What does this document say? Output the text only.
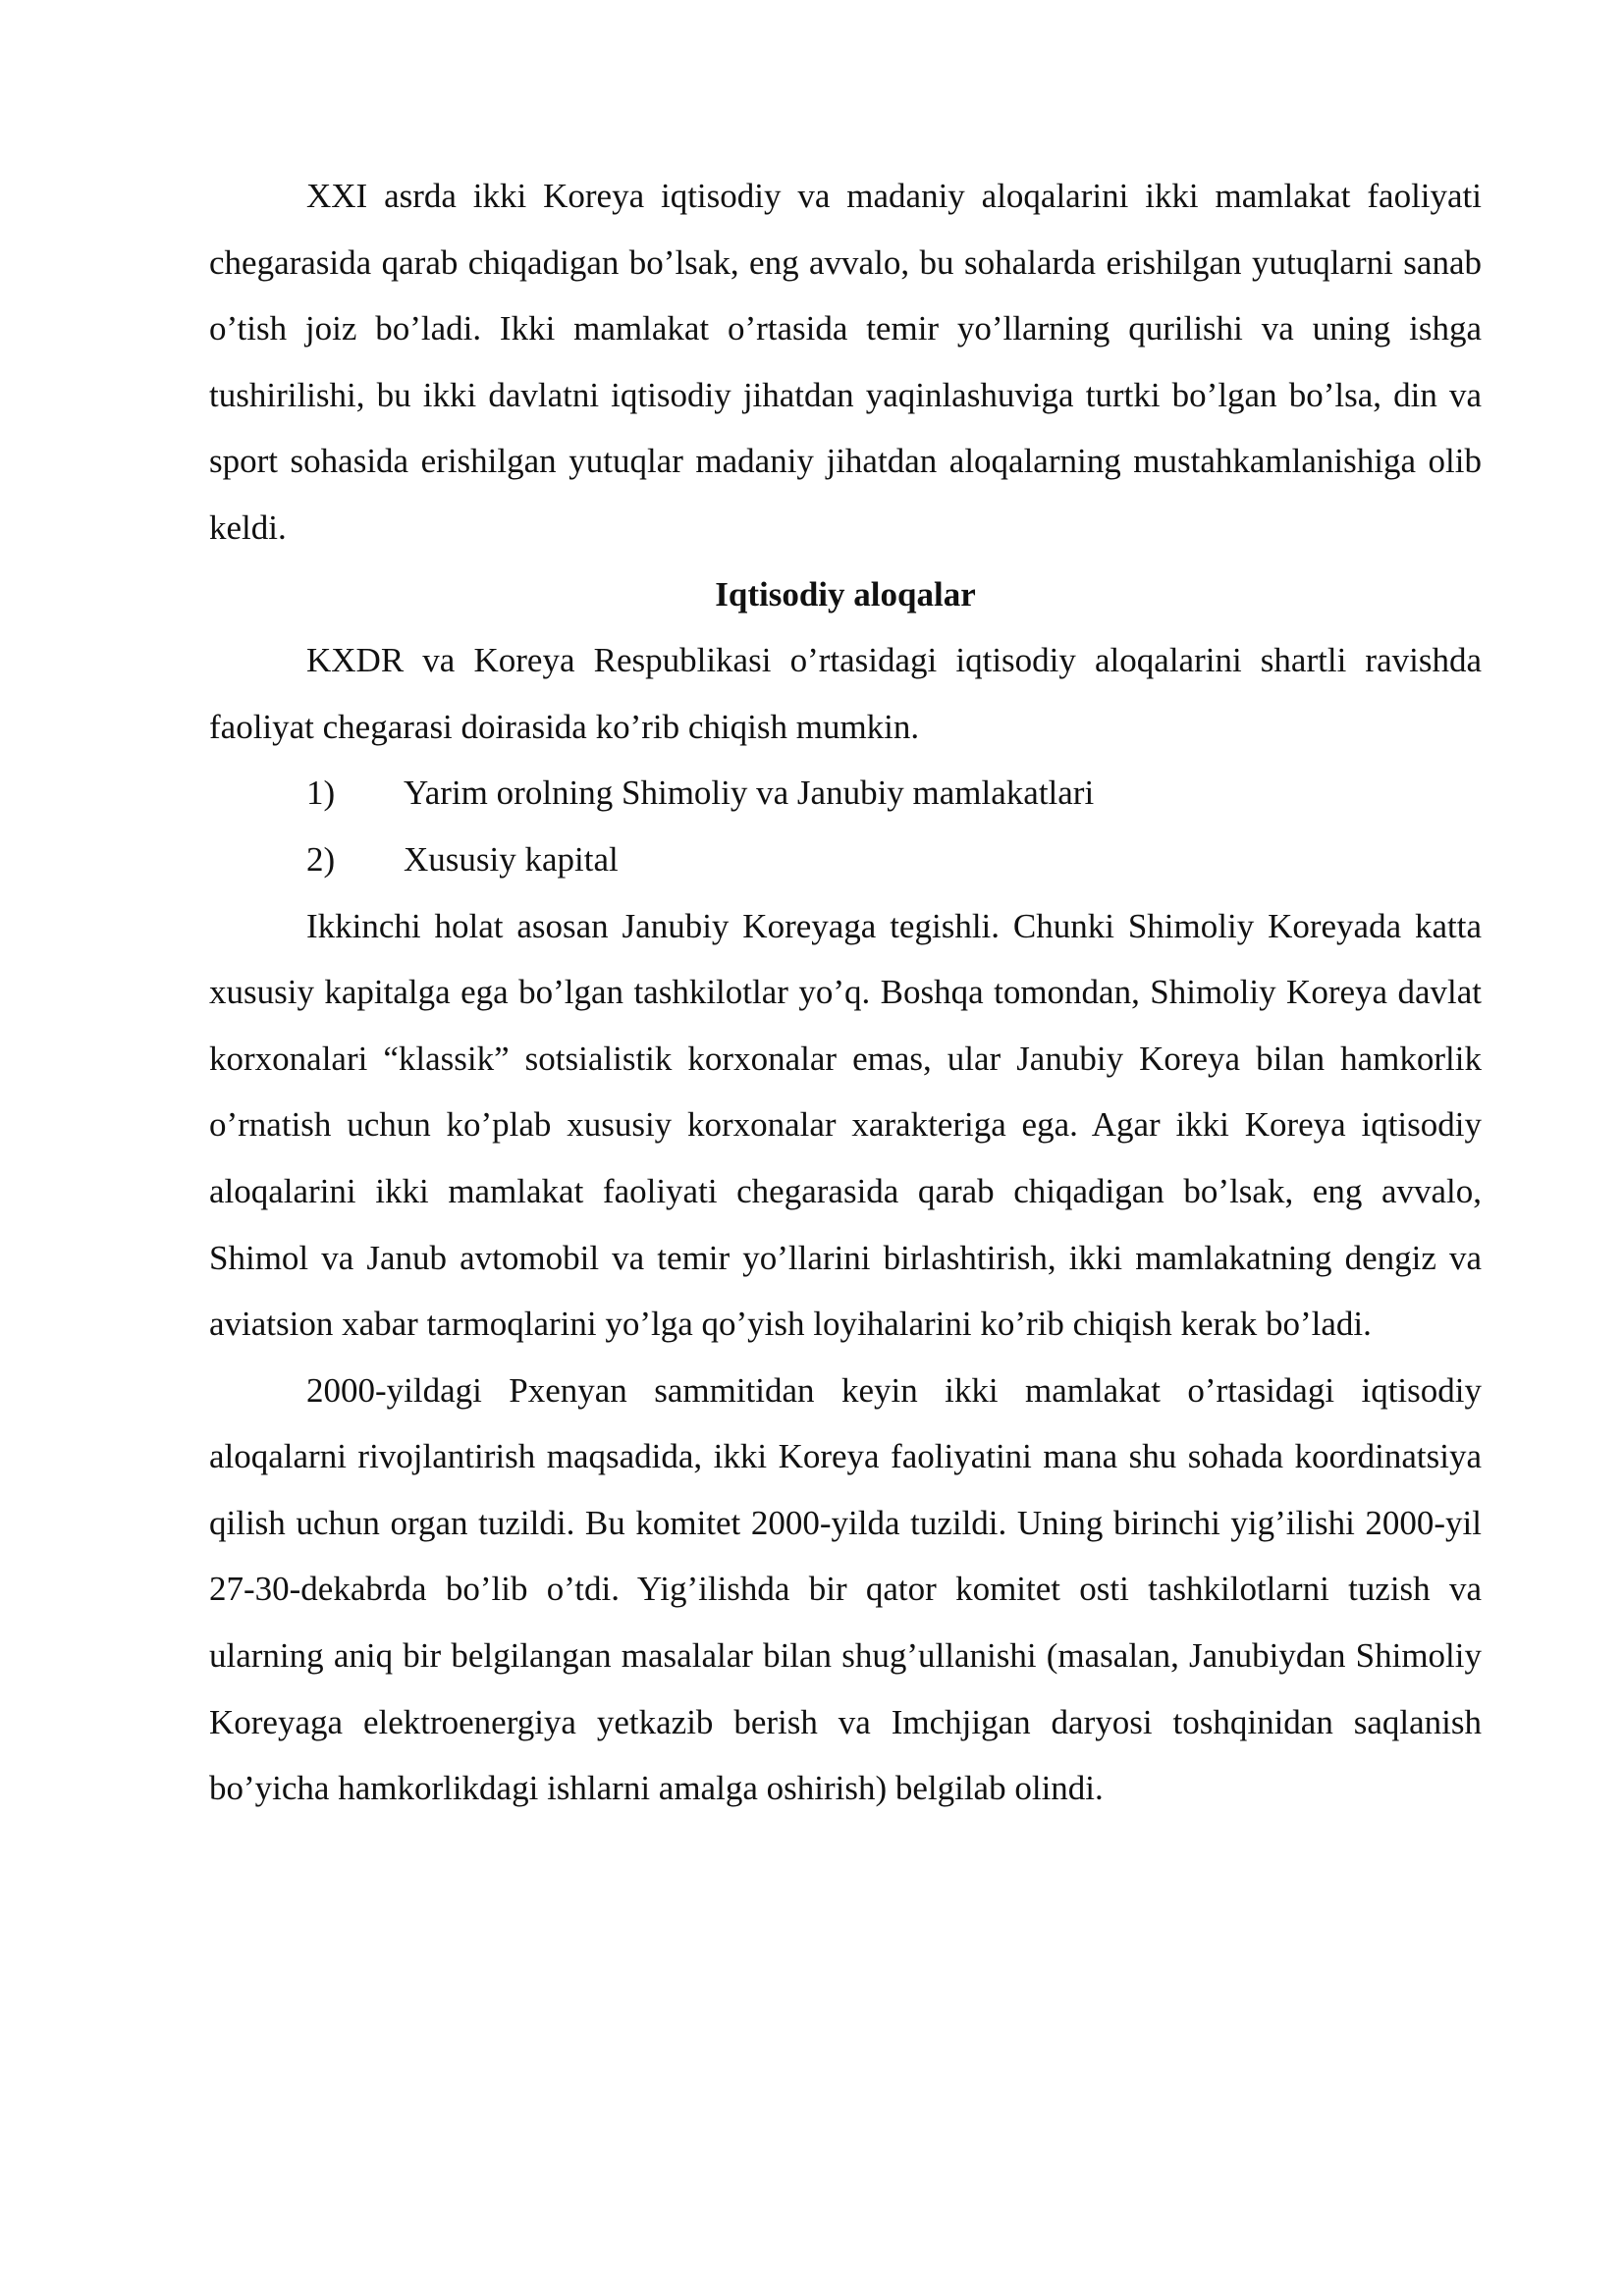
XXI asrda ikki Koreya iqtisodiy va madaniy aloqalarini ikki mamlakat faoliyati chegarasida qarab chiqadigan bo’lsak, eng avvalo, bu sohalarda erishilgan yutuqlarni sanab o’tish joiz bo’ladi. Ikki mamlakat o’rtasida temir yo’llarning qurilishi va uning ishga tushirilishi, bu ikki davlatni iqtisodiy jihatdan yaqinlashuviga turtki bo’lgan bo’lsa, din va sport sohasida erishilgan yutuqlar madaniy jihatdan aloqalarning mustahkamlanishiga olib keldi.

Iqtisodiy aloqalar

KXDR va Koreya Respublikasi o’rtasidagi iqtisodiy aloqalarini shartli ravishda faoliyat chegarasi doirasida ko’rib chiqish mumkin.

1)	Yarim orolning Shimoliy va Janubiy mamlakatlari
2)	Xususiy kapital

Ikkinchi holat asosan Janubiy Koreyaga tegishli. Chunki Shimoliy Koreyada katta xususiy kapitalga ega bo’lgan tashkilotlar yo’q. Boshqa tomondan, Shimoliy Koreya davlat korxonalari “klassik” sotsialistik korxonalar emas, ular Janubiy Koreya bilan hamkorlik o’rnatish uchun ko’plab xususiy korxonalar xarakteriga ega. Agar ikki Koreya iqtisodiy aloqalarini ikki mamlakat faoliyati chegarasida qarab chiqadigan bo’lsak, eng avvalo, Shimol va Janub avtomobil va temir yo’llarini birlashtirish, ikki mamlakatning dengiz va aviatsion xabar tarmoqlarini yo’lga qo’yish loyihalarini ko’rib chiqish kerak bo’ladi.

2000-yildagi Pxenyan sammitidan keyin ikki mamlakat o’rtasidagi iqtisodiy aloqalarni rivojlantirish maqsadida, ikki Koreya faoliyatini mana shu sohada koordinatsiya qilish uchun organ tuzildi. Bu komitet 2000-yilda tuzildi. Uning birinchi yig’ilishi 2000-yil 27-30-dekabrda bo’lib o’tdi. Yig’ilishda bir qator komitet osti tashkilotlarni tuzish va ularning aniq bir belgilangan masalalar bilan shug’ullanishi (masalan, Janubiydan Shimoliy Koreyaga elektroenergiya yetkazib berish va Imchjigan daryosi toshqinidan saqlanish bo’yicha hamkorlikdagi ishlarni amalga oshirish) belgilab olindi.
